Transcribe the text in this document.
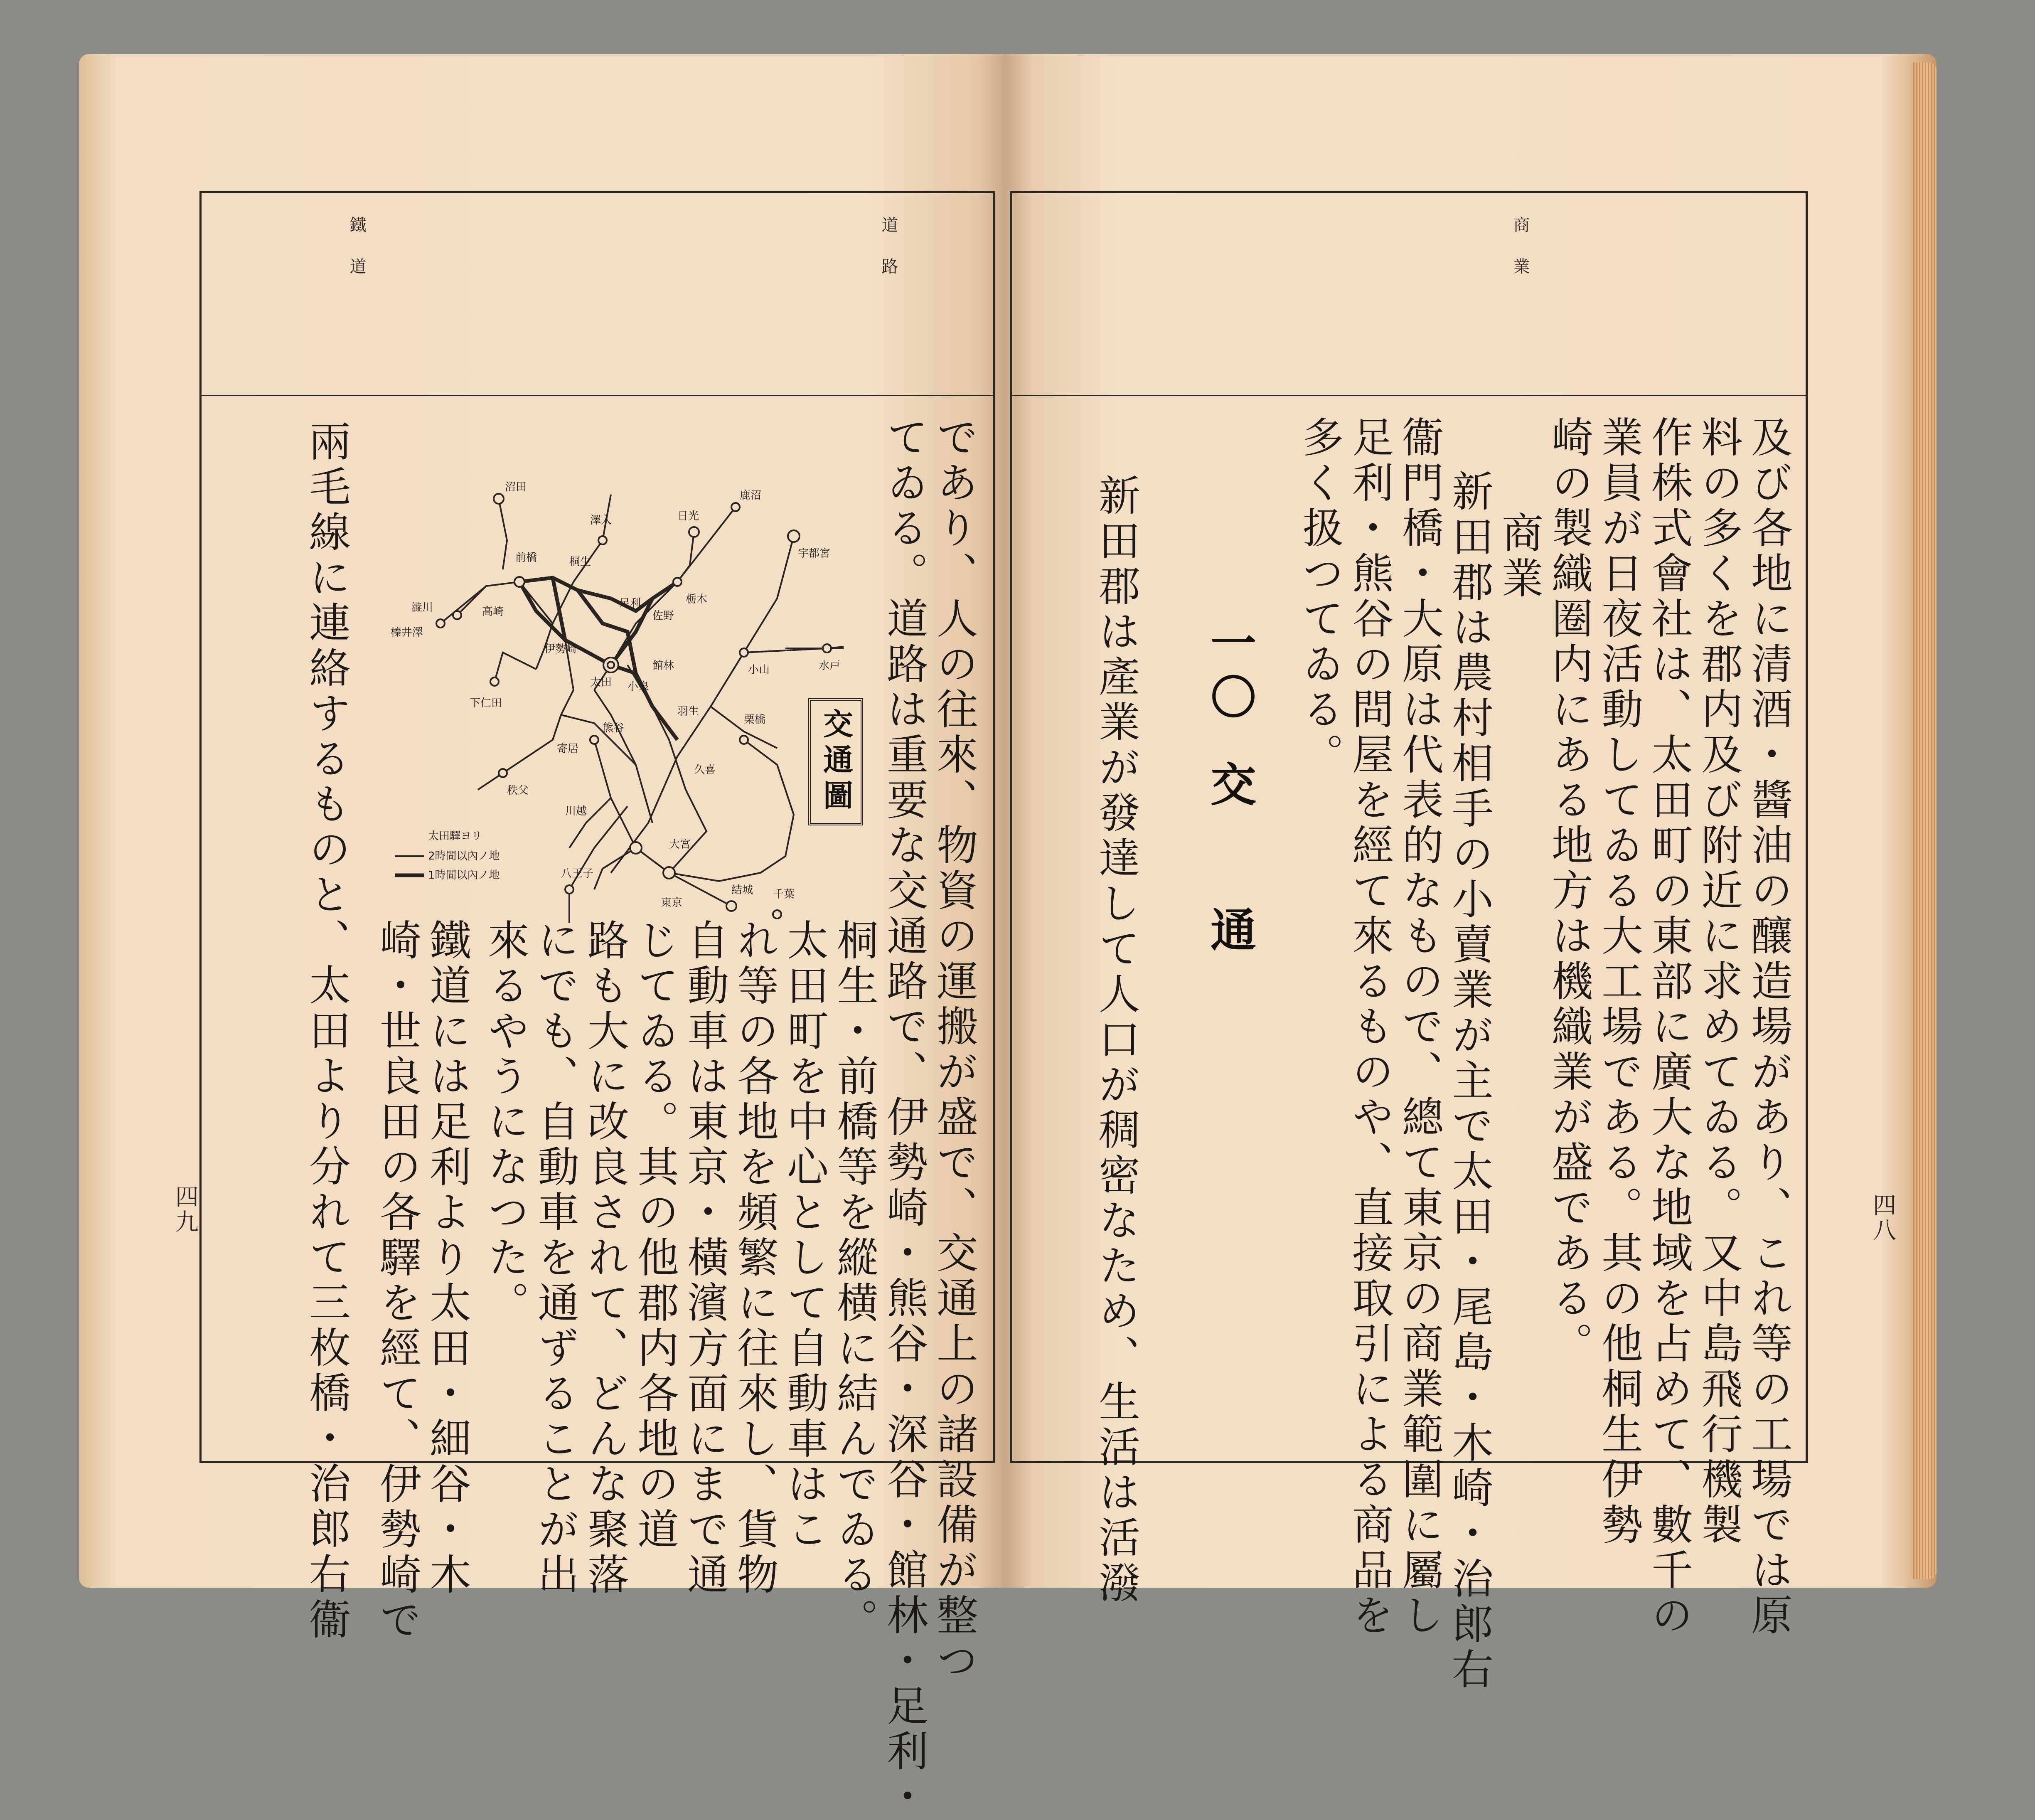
道路
鐵道
であり、人の往來、物資の運搬が盛で、交通上の諸設備が整つ
てゐる。道路は重要な交通路で、伊勢崎・熊谷・深谷・館林・足利・
沼田
澤入	日光
鹿沼
宇都宮
前橋	桐生
澁川	高崎
足利
佐野
栃木
榛井澤
伊勢崎
太田
館林	小山	水戸
下仁田
小泉
羽生
栗橋
寄居
熊谷
久喜
秩父
川越
大宮
八王子
東京
結城 千葉
太田驛ヨリ
2時間以內ノ地
1時間以內ノ地
交通圖
桐生・前橋等を縱横に結んでゐる。
太田町を中心として自動車はこ
れ等の各地を頻繁に往來し、貨物
自動車は東京・橫濱方面にまで通
じてゐる。其の他郡内各地の道
路も大に改良されて、どんな聚落
にでも、自動車を通ずることが出
來るやうになつた。
鐵道には足利より太田・細谷・木
崎・世良田の各驛を經て、伊勢崎で
兩毛線に連絡するものと、太田より分れて三枚橋・治郎右衞
四九
商業
及び各地に清酒・醬油の釀造場があり、これ等の工場では原
料の多くを郡内及び附近に求めてゐる。又中島飛行機製
作株式會社は、太田町の東部に廣大な地域を占めて、數千の
業員が日夜活動してゐる大工場である。其の他桐生伊勢
崎の製織圈内にある地方は機織業が盛である。
商業
新田郡は農村相手の小賣業が主で太田・尾島・木崎・治郎右
衞門橋・大原は代表的なもので、總て東京の商業範圍に屬し
足利・熊谷の問屋を經て來るものや、直接取引による商品を
多く扱つてゐる。
一〇
交通
新田郡は產業が發達して人口が稠密なため、生活は活潑	四八
